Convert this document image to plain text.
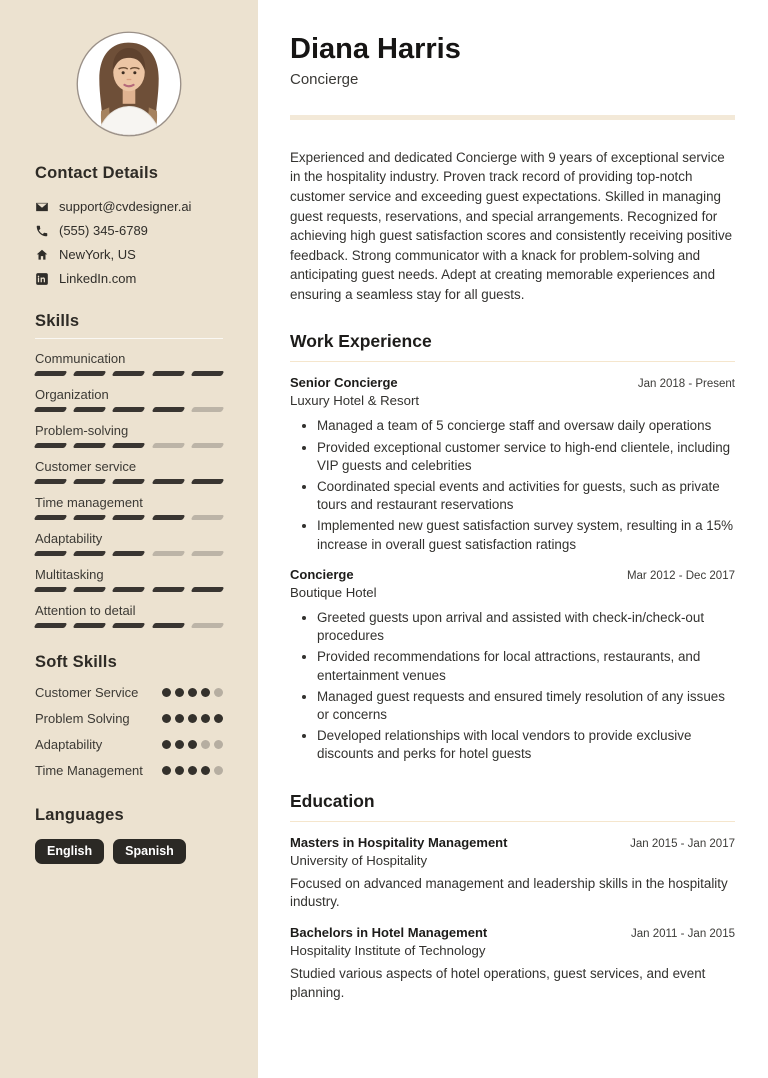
Contact Details
support@cvdesigner.ai
(555) 345-6789
NewYork, US
LinkedIn.com
Skills
Communication
Organization
Problem-solving
Customer service
Time management
Adaptability
Multitasking
Attention to detail
Soft Skills
Customer Service
Problem Solving
Adaptability
Time Management
Languages
English	Spanish
Diana Harris
Concierge

Experienced and dedicated Concierge with 9 years of exceptional service in the hospitality industry. Proven track record of providing top-notch customer service and exceeding guest expectations. Skilled in managing guest requests, reservations, and special arrangements. Recognized for achieving high guest satisfaction scores and consistently receiving positive feedback. Strong communicator with a knack for problem-solving and anticipating guest needs. Adept at creating memorable experiences and ensuring a seamless stay for all guests.

Work Experience
Senior Concierge	Jan 2018 - Present
Luxury Hotel & Resort
• Managed a team of 5 concierge staff and oversaw daily operations
• Provided exceptional customer service to high-end clientele, including VIP guests and celebrities
• Coordinated special events and activities for guests, such as private tours and restaurant reservations
• Implemented new guest satisfaction survey system, resulting in a 15% increase in overall guest satisfaction ratings
Concierge	Mar 2012 - Dec 2017
Boutique Hotel
• Greeted guests upon arrival and assisted with check-in/check-out procedures
• Provided recommendations for local attractions, restaurants, and entertainment venues
• Managed guest requests and ensured timely resolution of any issues or concerns
• Developed relationships with local vendors to provide exclusive discounts and perks for hotel guests
Education
Masters in Hospitality Management	Jan 2015 - Jan 2017
University of Hospitality
Focused on advanced management and leadership skills in the hospitality industry.
Bachelors in Hotel Management	Jan 2011 - Jan 2015
Hospitality Institute of Technology
Studied various aspects of hotel operations, guest services, and event planning.
